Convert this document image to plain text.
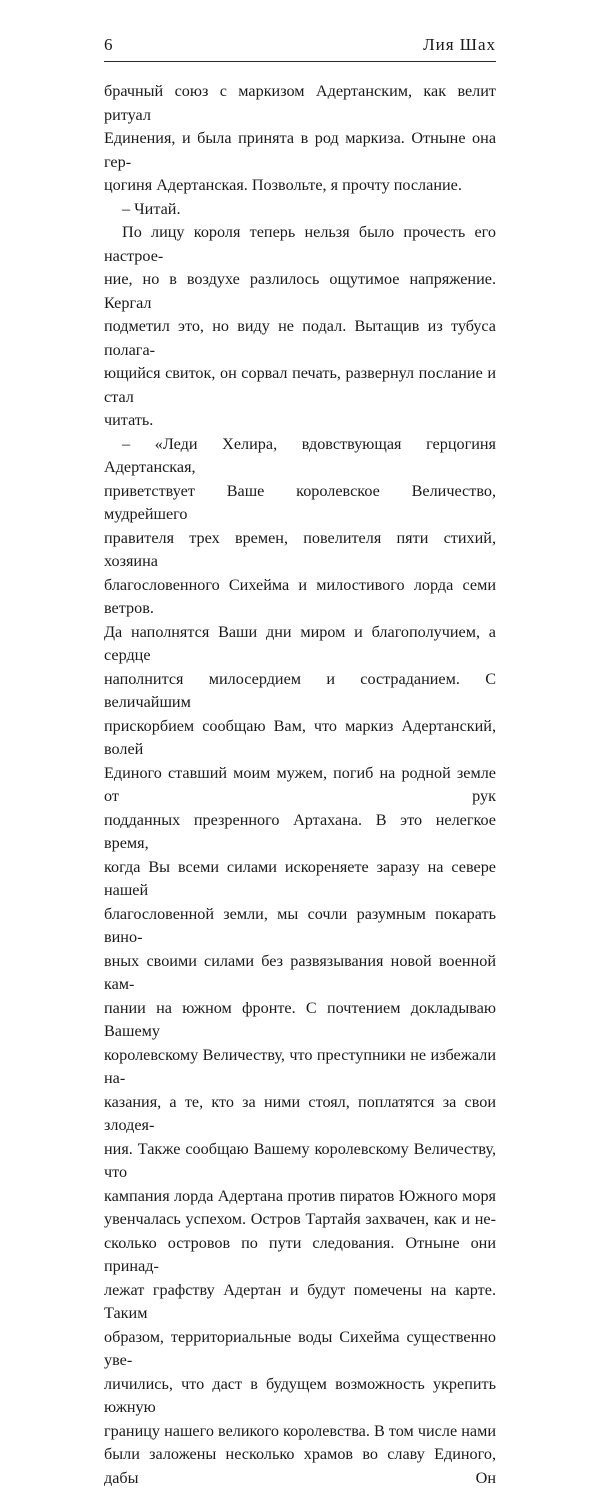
6	Лия Шах

брачный союз с маркизом Адертанским, как велит ритуал

Единения, и была принята в род маркиза. Отныне она гер-

цогиня Адертанская. Позвольте, я прочту послание.

– Читай.

По лицу короля теперь нельзя было прочесть его настрое-

ние, но в воздухе разлилось ощутимое напряжение. Кергал

подметил это, но виду не подал. Вытащив из тубуса полага-

ющийся свиток, он сорвал печать, развернул послание и стал

читать.

– «Леди Хелира, вдовствующая герцогиня Адертанская,

приветствует Ваше королевское Величество, мудрейшего

правителя трех времен, повелителя пяти стихий, хозяина

благословенного Сихейма и милостивого лорда семи ветров.

Да наполнятся Ваши дни миром и благополучием, а сердце

наполнится милосердием и состраданием. С величайшим

прискорбием сообщаю Вам, что маркиз Адертанский, волей

Единого ставший моим мужем, погиб на родной земле от рук

подданных презренного Артахана. В это нелегкое время,

когда Вы всеми силами искореняете заразу на севере нашей

благословенной земли, мы сочли разумным покарать вино-

вных своими силами без развязывания новой военной кам-

пании на южном фронте. С почтением докладываю Вашему

королевскому Величеству, что преступники не избежали на-

казания, а те, кто за ними стоял, поплатятся за свои злодея-

ния. Также сообщаю Вашему королевскому Величеству, что

кампания лорда Адертана против пиратов Южного моря

увенчалась успехом. Остров Тартайя захвачен, как и не-

сколько островов по пути следования. Отныне они принад-

лежат графству Адертан и будут помечены на карте. Таким

образом, территориальные воды Сихейма существенно уве-

личились, что даст в будущем возможность укрепить южную

границу нашего великого королевства. В том числе нами

были заложены несколько храмов во славу Единого, дабы Он
